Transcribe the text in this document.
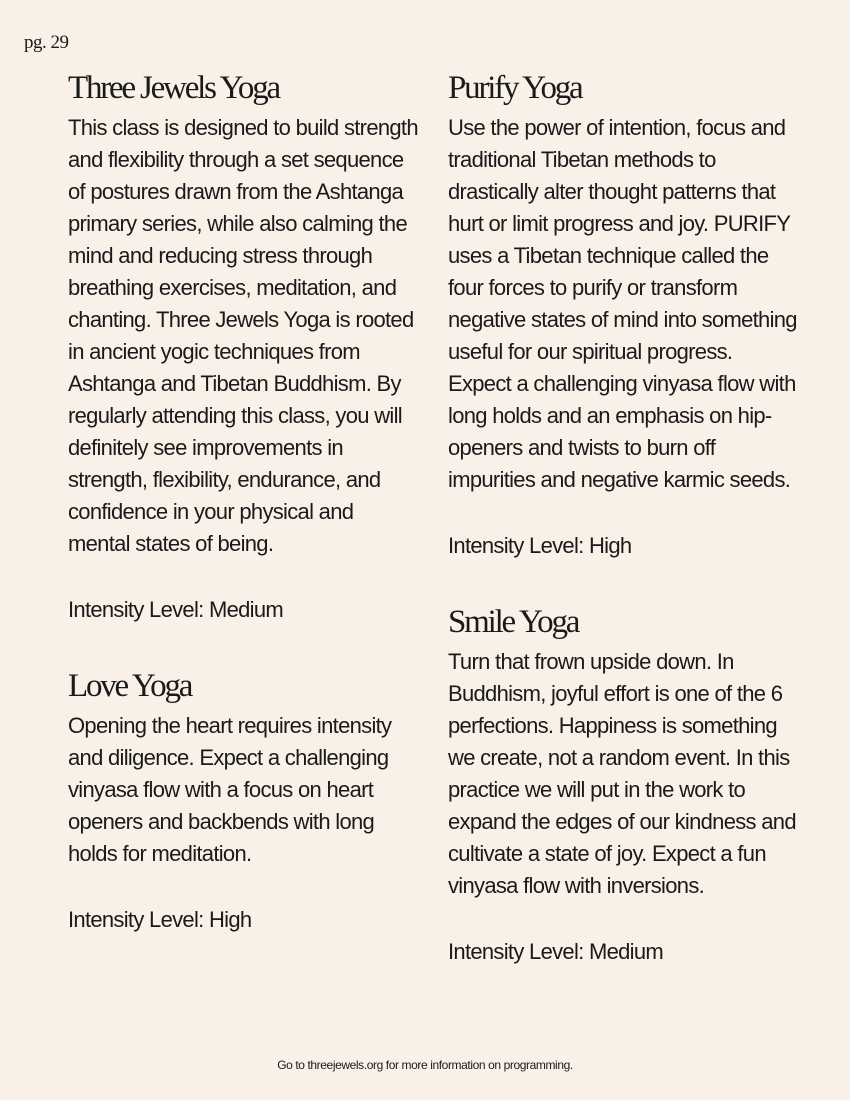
pg. 29
Three Jewels Yoga

This class is designed to build strength and flexibility through a set sequence of postures drawn from the Ashtanga primary series, while also calming the mind and reducing stress through breathing exercises, meditation, and chanting. Three Jewels Yoga is rooted in ancient yogic techniques from Ashtanga and Tibetan Buddhism. By regularly attending this class, you will definitely see improvements in strength, flexibility, endurance, and confidence in your physical and mental states of being.

Intensity Level: Medium

Love Yoga

Opening the heart requires intensity and diligence. Expect a challenging vinyasa flow with a focus on heart openers and backbends with long holds for meditation.

Intensity Level: High

Purify Yoga

Use the power of intention, focus and traditional Tibetan methods to drastically alter thought patterns that hurt or limit progress and joy. PURIFY uses a Tibetan technique called the four forces to purify or transform negative states of mind into something useful for our spiritual progress. Expect a challenging vinyasa flow with long holds and an emphasis on hip-openers and twists to burn off impurities and negative karmic seeds.

Intensity Level: High

Smile Yoga

Turn that frown upside down. In Buddhism, joyful effort is one of the 6 perfections. Happiness is something we create, not a random event. In this practice we will put in the work to expand the edges of our kindness and cultivate a state of joy. Expect a fun vinyasa flow with inversions.

Intensity Level: Medium

Go to threejewels.org for more information on programming.
